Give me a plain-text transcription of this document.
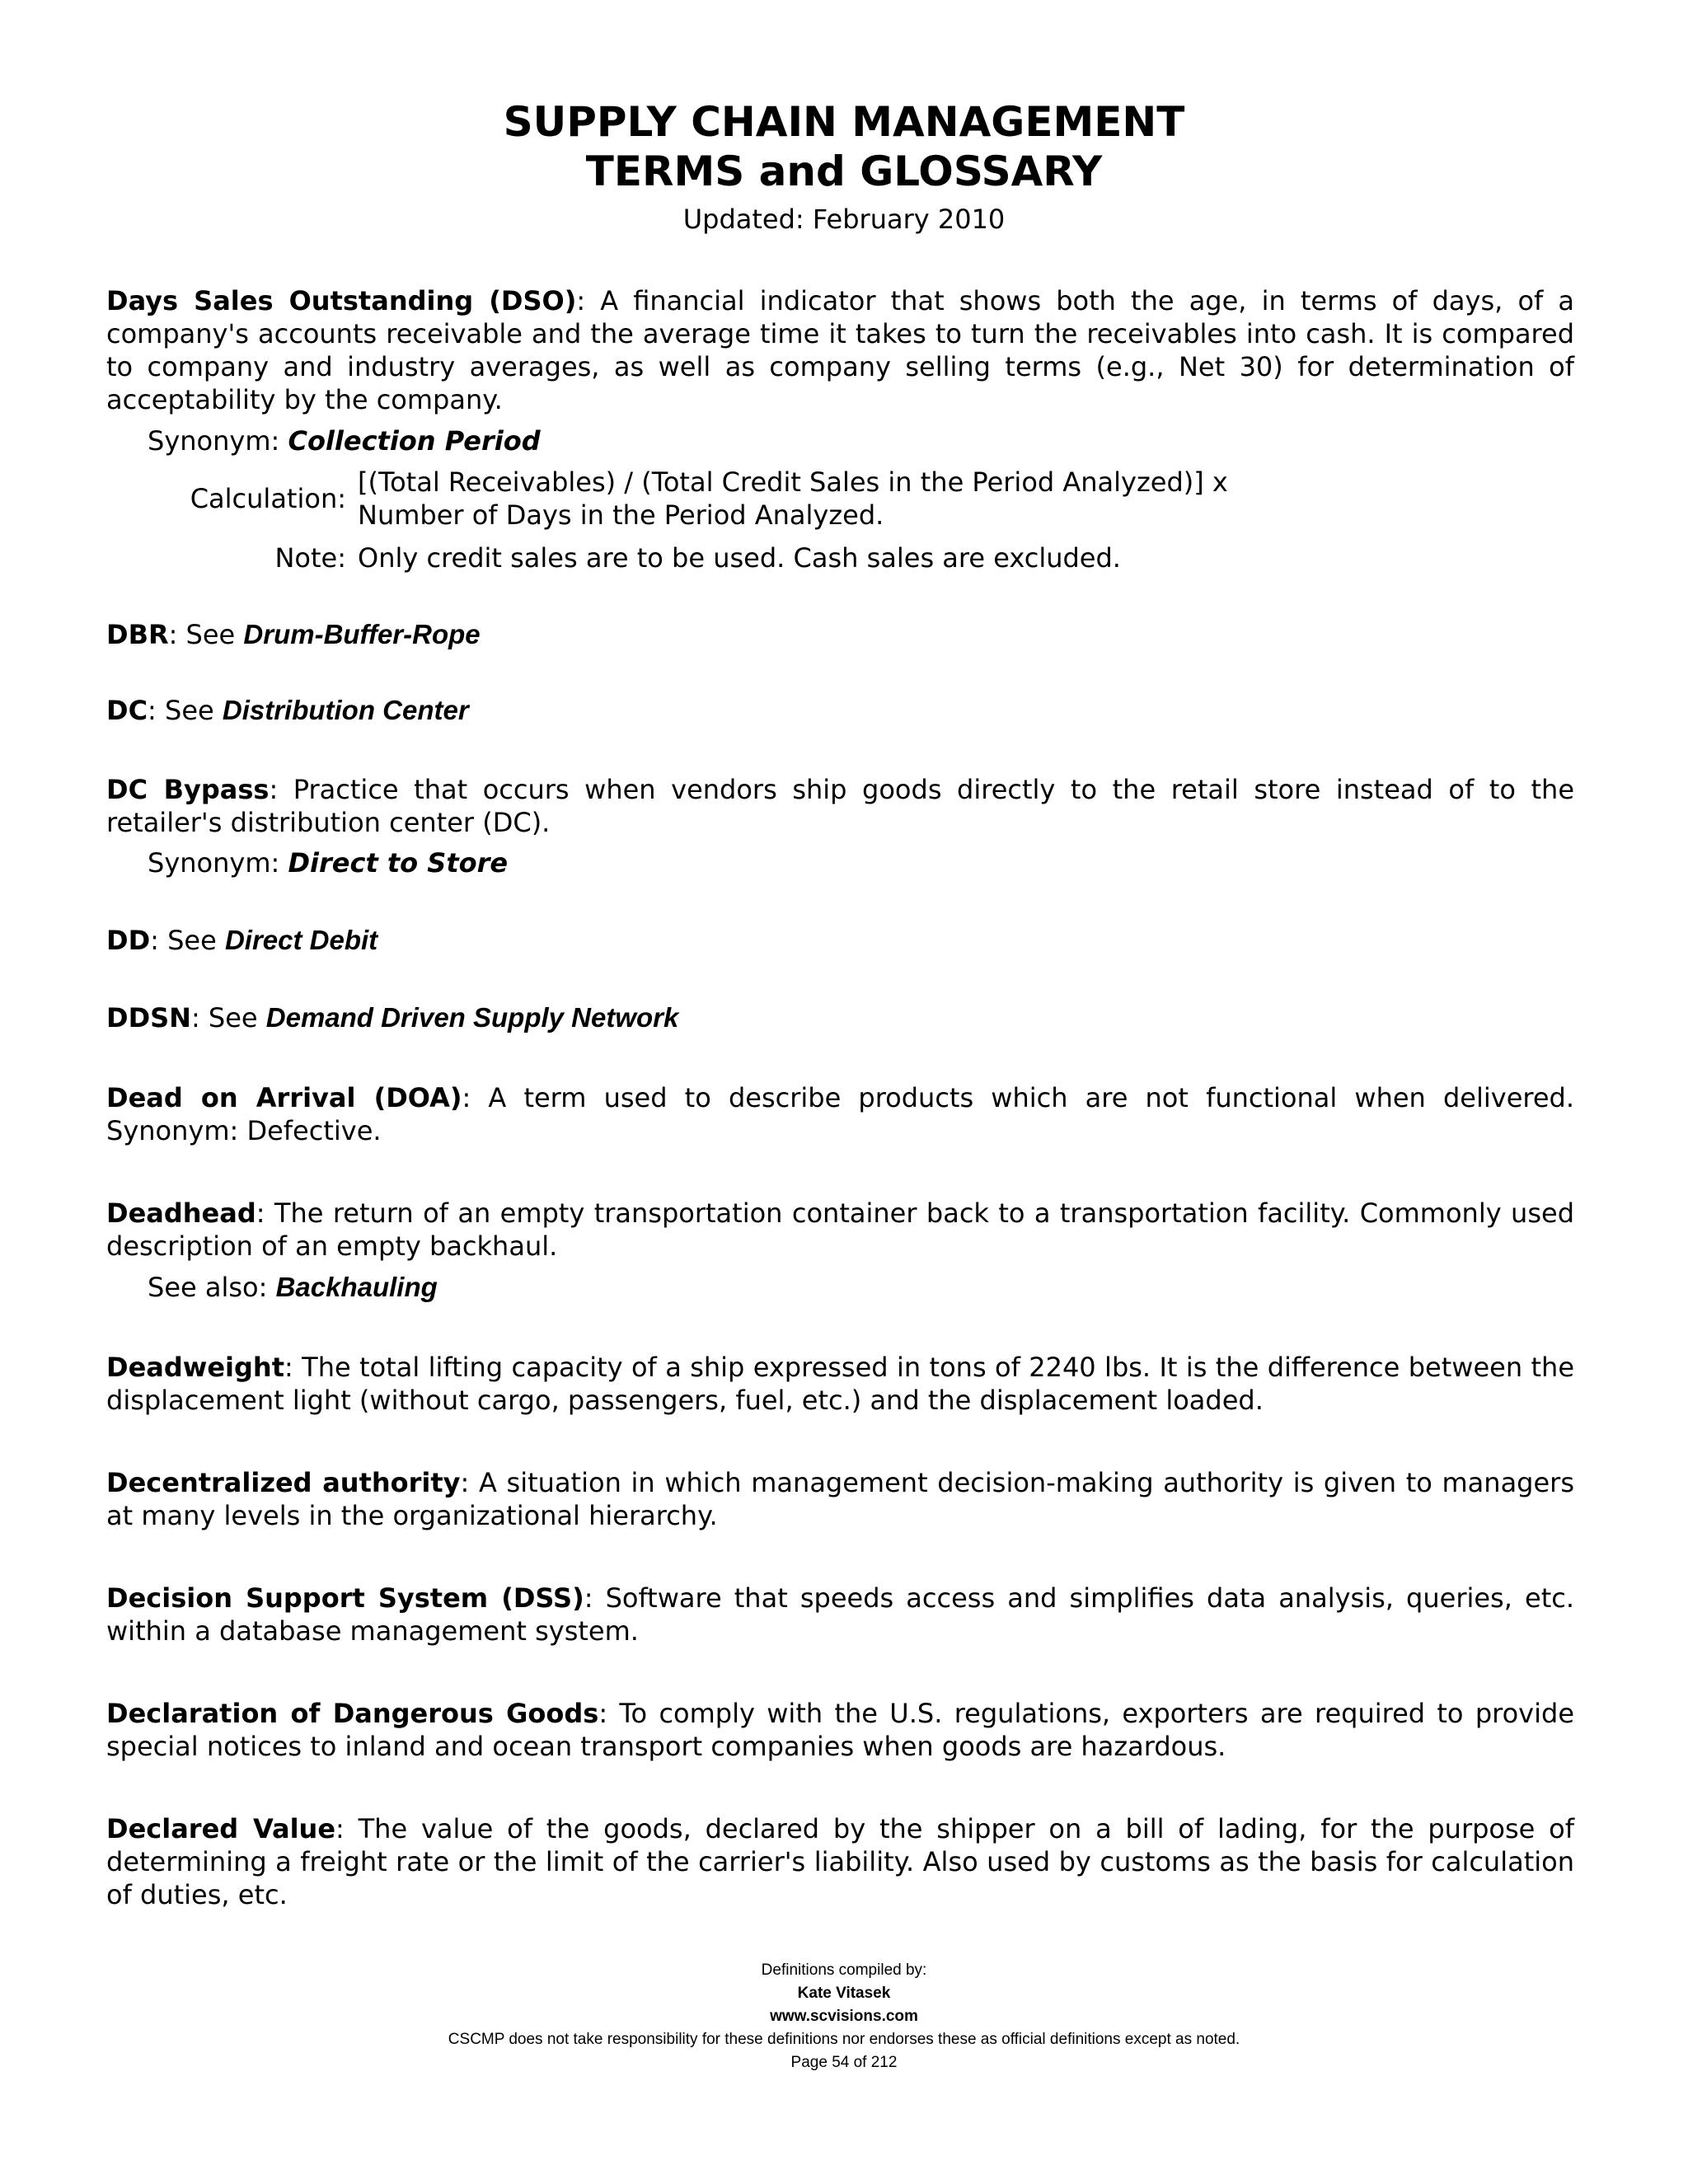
SUPPLY CHAIN MANAGEMENT
TERMS and GLOSSARY
Updated: February 2010
Days Sales Outstanding (DSO): A financial indicator that shows both the age, in terms of days, of a company's accounts receivable and the average time it takes to turn the receivables into cash. It is compared to company and industry averages, as well as company selling terms (e.g., Net 30) for determination of acceptability by the company.
Synonym: Collection Period
Calculation:
[(Total Receivables) / (Total Credit Sales in the Period Analyzed)] x
Number of Days in the Period Analyzed.
Note: Only credit sales are to be used. Cash sales are excluded.
DBR: See Drum-Buffer-Rope
DC: See Distribution Center
DC Bypass: Practice that occurs when vendors ship goods directly to the retail store instead of to the retailer's distribution center (DC).
Synonym: Direct to Store
DD: See Direct Debit
DDSN: See Demand Driven Supply Network
Dead on Arrival (DOA): A term used to describe products which are not functional when delivered. Synonym: Defective.
Deadhead: The return of an empty transportation container back to a transportation facility. Commonly used description of an empty backhaul.
See also: Backhauling
Deadweight: The total lifting capacity of a ship expressed in tons of 2240 lbs. It is the difference between the displacement light (without cargo, passengers, fuel, etc.) and the displacement loaded.
Decentralized authority: A situation in which management decision-making authority is given to managers at many levels in the organizational hierarchy.
Decision Support System (DSS): Software that speeds access and simplifies data analysis, queries, etc. within a database management system.
Declaration of Dangerous Goods: To comply with the U.S. regulations, exporters are required to provide special notices to inland and ocean transport companies when goods are hazardous.
Declared Value: The value of the goods, declared by the shipper on a bill of lading, for the purpose of determining a freight rate or the limit of the carrier's liability. Also used by customs as the basis for calculation of duties, etc.
Definitions compiled by:
Kate Vitasek
www.scvisions.com
CSCMP does not take responsibility for these definitions nor endorses these as official definitions except as noted.
Page 54 of 212
